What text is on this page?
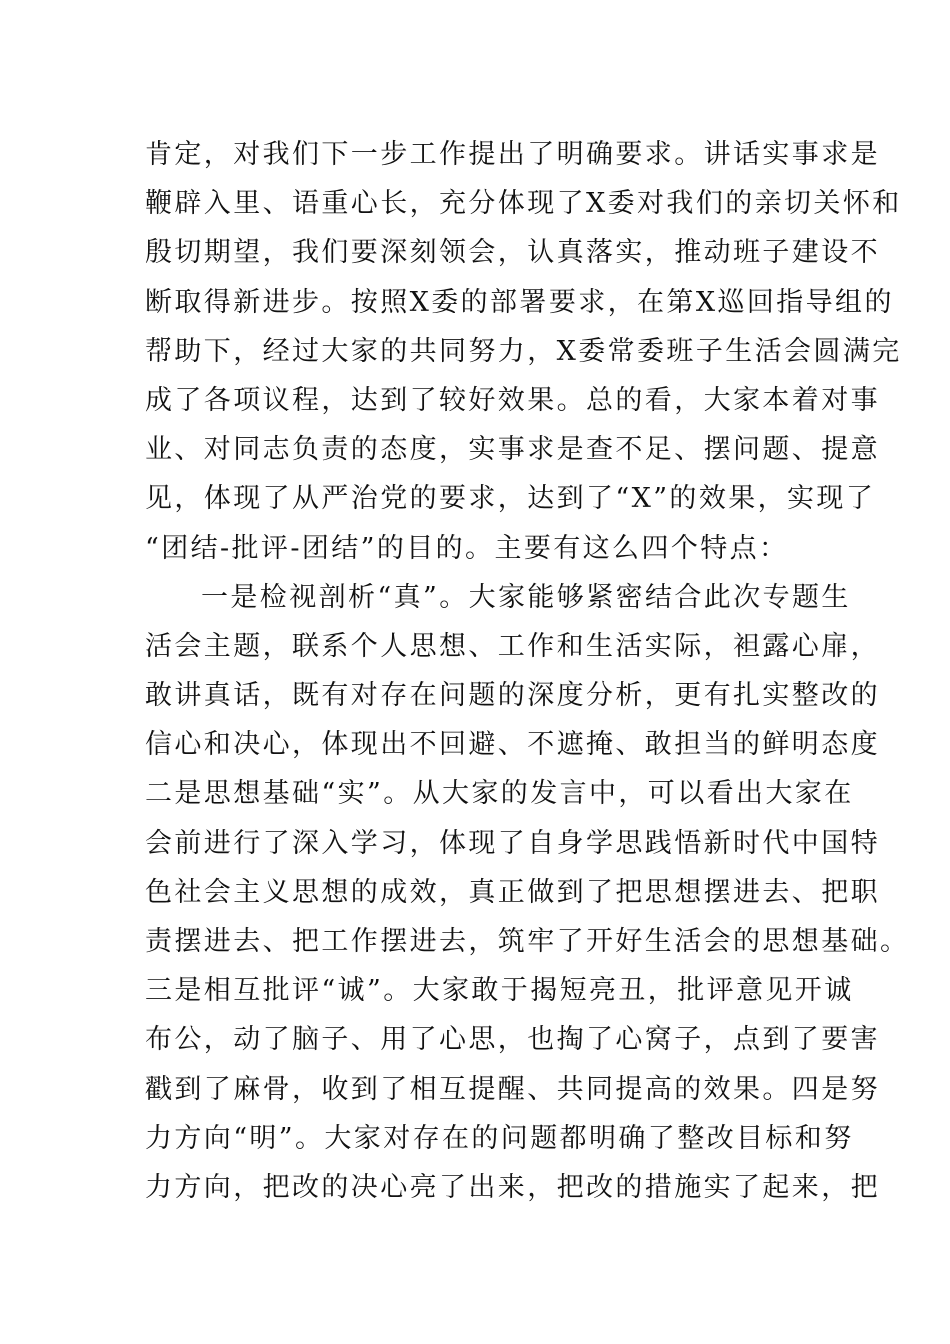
肯定，对我们下一步工作提出了明确要求。讲话实事求是
鞭辟入里、语重心长，充分体现了X委对我们的亲切关怀和
殷切期望，我们要深刻领会，认真落实，推动班子建设不
断取得新进步。按照X委的部署要求，在第X巡回指导组的
帮助下，经过大家的共同努力，X委常委班子生活会圆满完
成了各项议程，达到了较好效果。总的看，大家本着对事
业、对同志负责的态度，实事求是查不足、摆问题、提意
见，体现了从严治党的要求，达到了“X”的效果，实现了
“团结-批评-团结”的目的。主要有这么四个特点：
一是检视剖析“真”。大家能够紧密结合此次专题生
活会主题，联系个人思想、工作和生活实际，袒露心扉，
敢讲真话，既有对存在问题的深度分析，更有扎实整改的
信心和决心，体现出不回避、不遮掩、敢担当的鲜明态度
二是思想基础“实”。从大家的发言中，可以看出大家在
会前进行了深入学习，体现了自身学思践悟新时代中国特
色社会主义思想的成效，真正做到了把思想摆进去、把职
责摆进去、把工作摆进去，筑牢了开好生活会的思想基础。
三是相互批评“诚”。大家敢于揭短亮丑，批评意见开诚
布公，动了脑子、用了心思，也掏了心窝子，点到了要害
戳到了麻骨，收到了相互提醒、共同提高的效果。四是努
力方向“明”。大家对存在的问题都明确了整改目标和努
力方向，把改的决心亮了出来，把改的措施实了起来，把
